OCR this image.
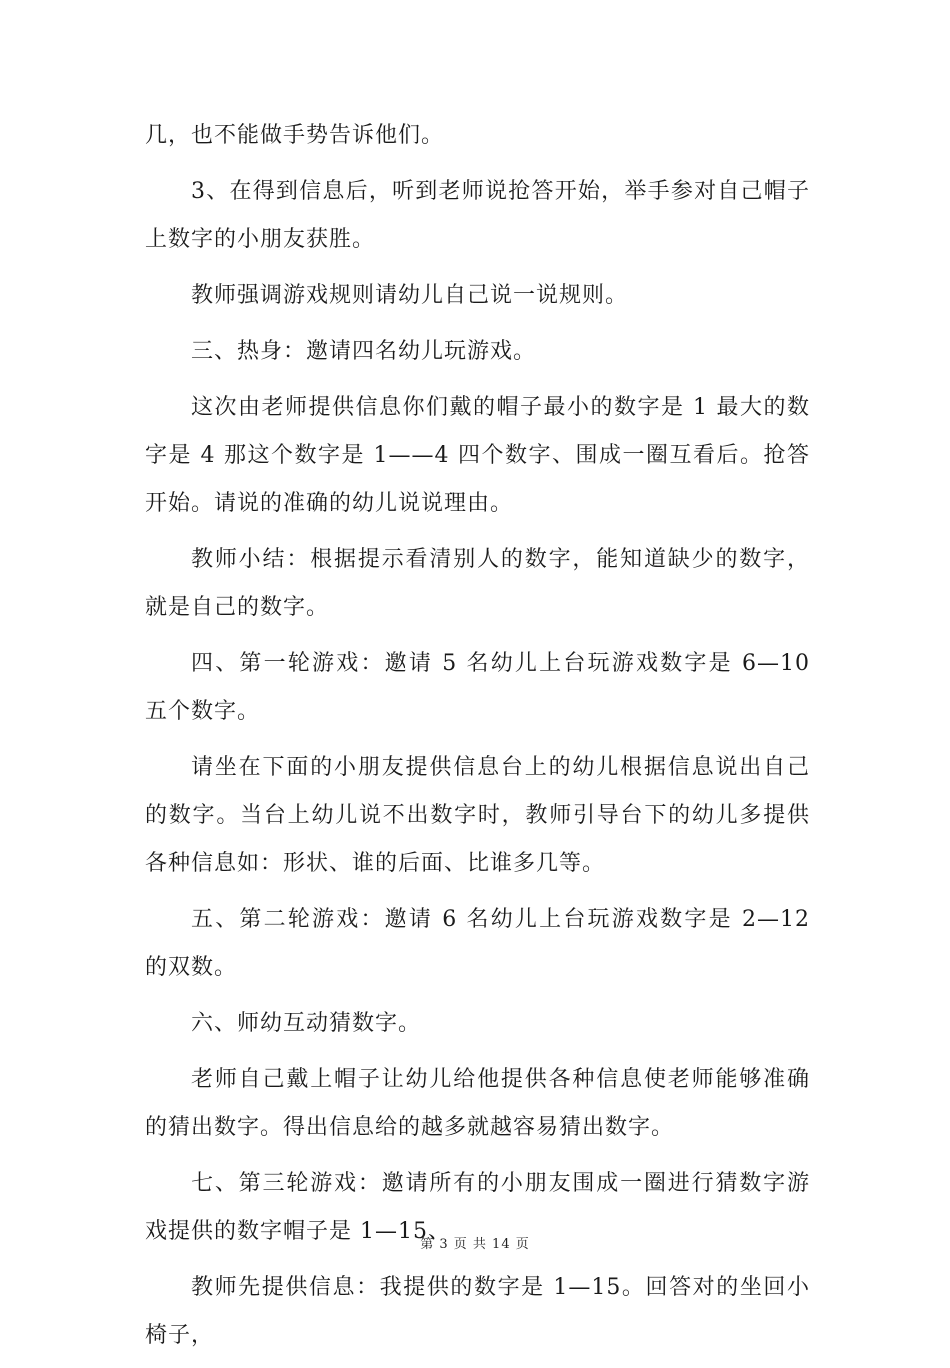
几，也不能做手势告诉他们。

3、在得到信息后，听到老师说抢答开始，举手参对自己帽子上数字的小朋友获胜。

教师强调游戏规则请幼儿自己说一说规则。

三、热身：邀请四名幼儿玩游戏。

这次由老师提供信息你们戴的帽子最小的数字是 1 最大的数字是 4 那这个数字是 1——4 四个数字、围成一圈互看后。抢答开始。请说的准确的幼儿说说理由。

教师小结：根据提示看清别人的数字，能知道缺少的数字，就是自己的数字。

四、第一轮游戏：邀请 5 名幼儿上台玩游戏数字是 6—10 五个数字。

请坐在下面的小朋友提供信息台上的幼儿根据信息说出自己的数字。当台上幼儿说不出数字时，教师引导台下的幼儿多提供各种信息如：形状、谁的后面、比谁多几等。

五、第二轮游戏：邀请 6 名幼儿上台玩游戏数字是 2—12 的双数。

六、师幼互动猜数字。

老师自己戴上帽子让幼儿给他提供各种信息使老师能够准确的猜出数字。得出信息给的越多就越容易猜出数字。

七、第三轮游戏：邀请所有的小朋友围成一圈进行猜数字游戏提供的数字帽子是 1—15、

教师先提供信息：我提供的数字是 1—15。回答对的坐回小椅子，

第 3 页 共 14 页
